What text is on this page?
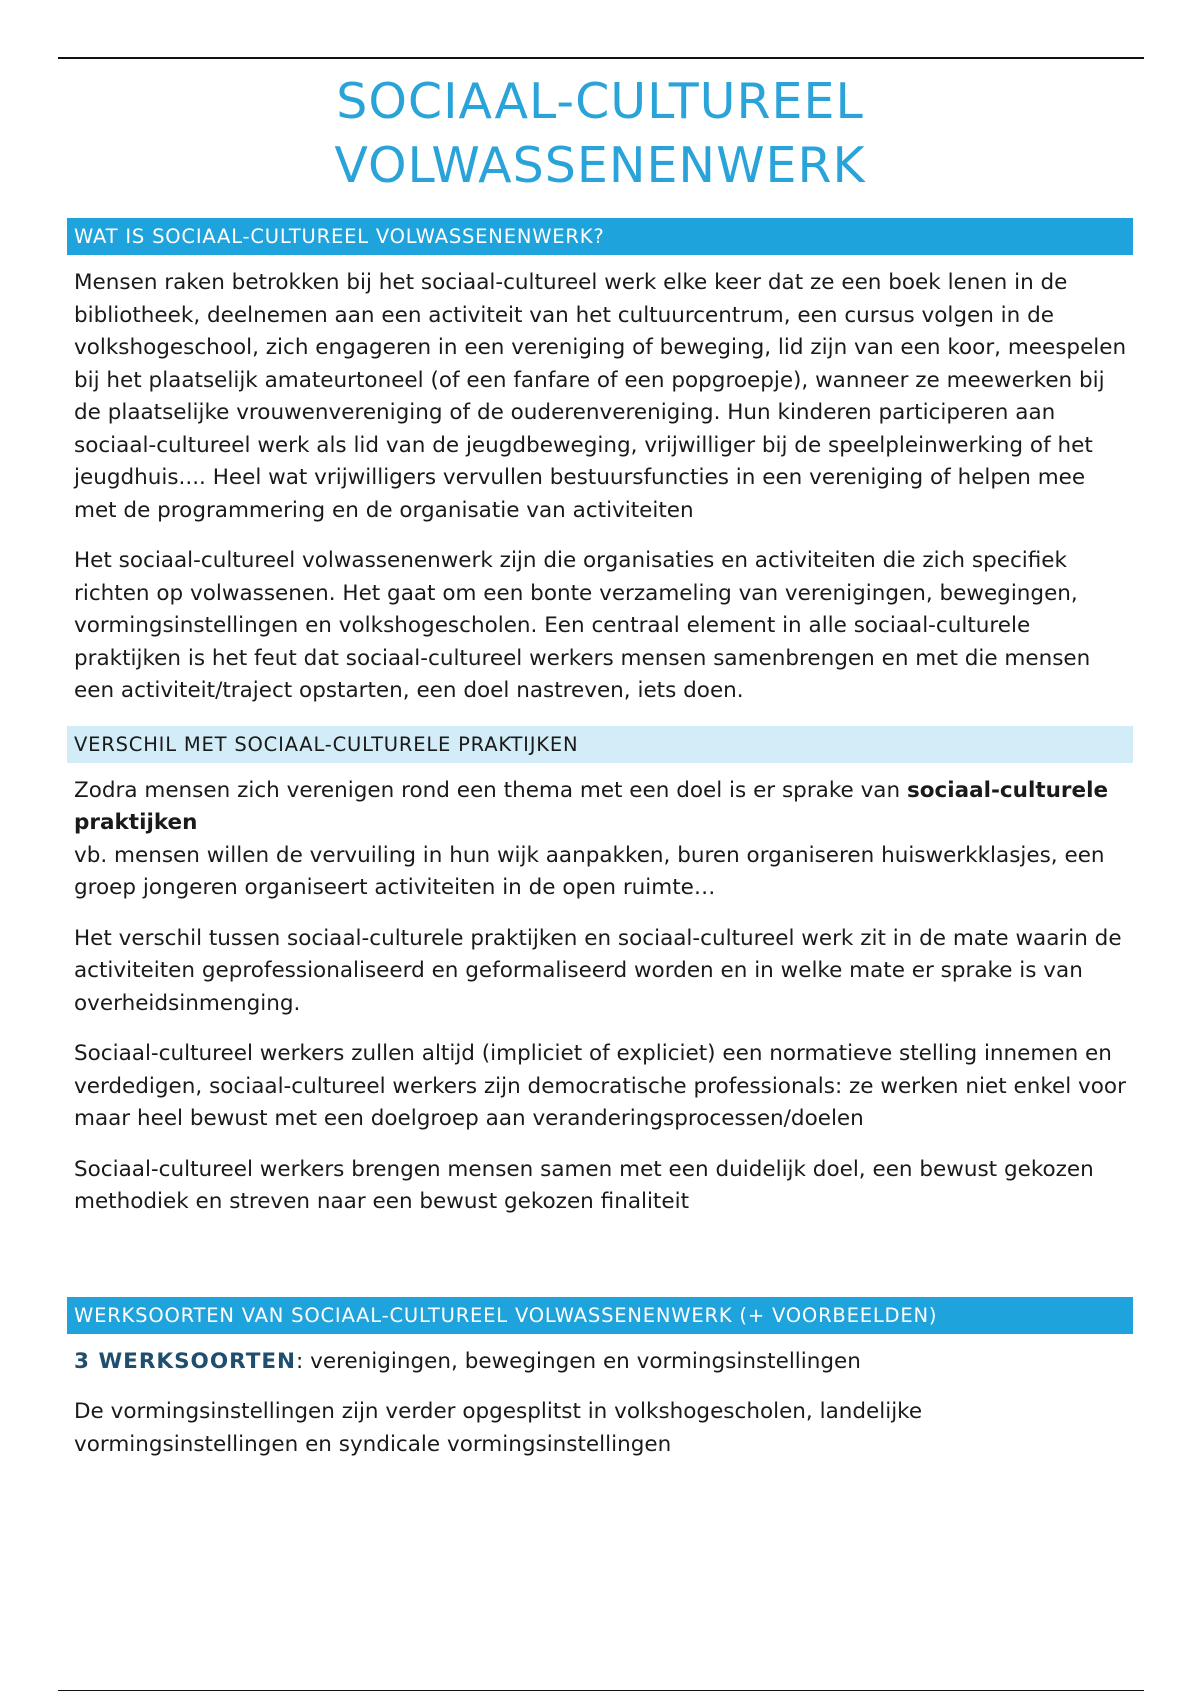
SOCIAAL-CULTUREEL
VOLWASSENENWERK
WAT IS SOCIAAL-CULTUREEL VOLWASSENENWERK?

Mensen raken betrokken bij het sociaal-cultureel werk elke keer dat ze een boek lenen in de bibliotheek, deelnemen aan een activiteit van het cultuurcentrum, een cursus volgen in de volkshogeschool, zich engageren in een vereniging of beweging, lid zijn van een koor, meespelen bij het plaatselijk amateurtoneel (of een fanfare of een popgroepje), wanneer ze meewerken bij de plaatselijke vrouwenvereniging of de ouderenvereniging. Hun kinderen participeren aan sociaal-cultureel werk als lid van de jeugdbeweging, vrijwilliger bij de speelpleinwerking of het jeugdhuis.... Heel wat vrijwilligers vervullen bestuursfuncties in een vereniging of helpen mee met de programmering en de organisatie van activiteiten

Het sociaal-cultureel volwassenenwerk zijn die organisaties en activiteiten die zich specifiek richten op volwassenen. Het gaat om een bonte verzameling van verenigingen, bewegingen, vormingsinstellingen en volkshogescholen. Een centraal element in alle sociaal-culturele praktijken is het feut dat sociaal-cultureel werkers mensen samenbrengen en met die mensen een activiteit/traject opstarten, een doel nastreven, iets doen.

VERSCHIL MET SOCIAAL-CULTURELE PRAKTIJKEN

Zodra mensen zich verenigen rond een thema met een doel is er sprake van sociaal-culturele praktijken
vb. mensen willen de vervuiling in hun wijk aanpakken, buren organiseren huiswerkklasjes, een groep jongeren organiseert activiteiten in de open ruimte…

Het verschil tussen sociaal-culturele praktijken en sociaal-cultureel werk zit in de mate waarin de activiteiten geprofessionaliseerd en geformaliseerd worden en in welke mate er sprake is van overheidsinmenging.

Sociaal-cultureel werkers zullen altijd (impliciet of expliciet) een normatieve stelling innemen en verdedigen, sociaal-cultureel werkers zijn democratische professionals: ze werken niet enkel voor maar heel bewust met een doelgroep aan veranderingsprocessen/doelen

Sociaal-cultureel werkers brengen mensen samen met een duidelijk doel, een bewust gekozen methodiek en streven naar een bewust gekozen finaliteit

WERKSOORTEN VAN SOCIAAL-CULTUREEL VOLWASSENENWERK (+ VOORBEELDEN)

3 WERKSOORTEN: verenigingen, bewegingen en vormingsinstellingen

De vormingsinstellingen zijn verder opgesplitst in volkshogescholen, landelijke vormingsinstellingen en syndicale vormingsinstellingen
